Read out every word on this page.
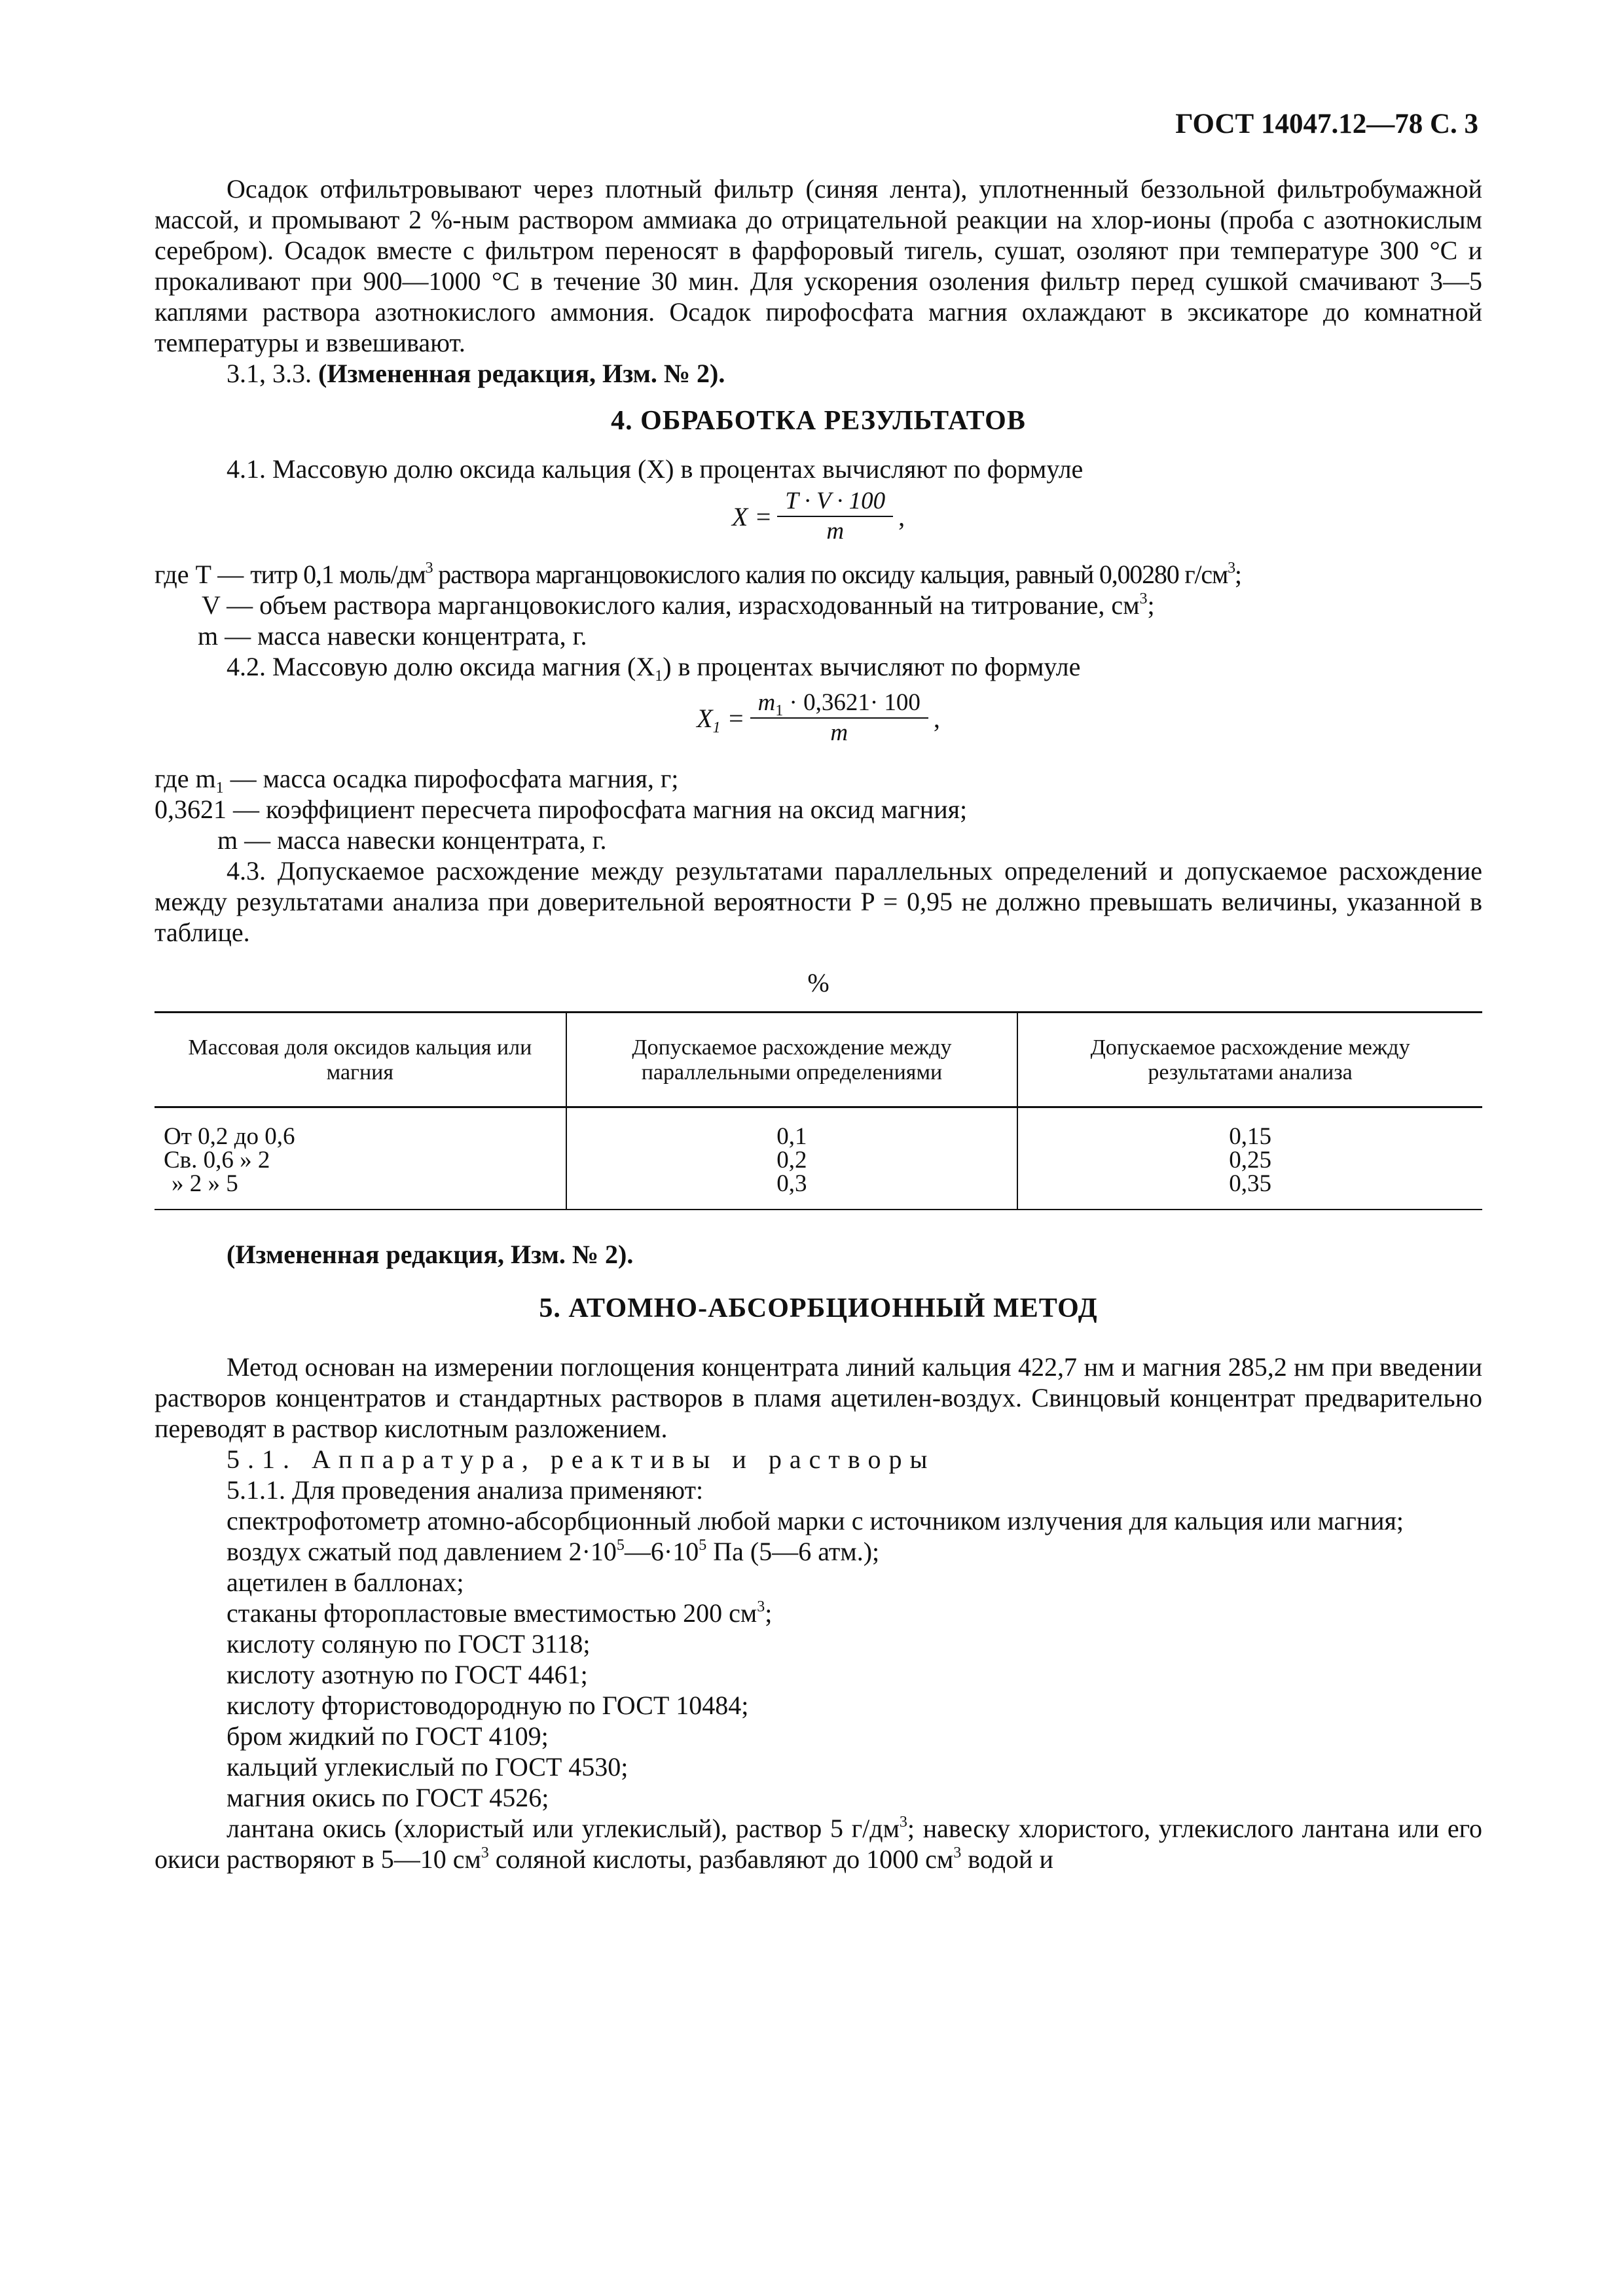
ГОСТ 14047.12—78 С. 3

Осадок отфильтровывают через плотный фильтр (синяя лента), уплотненный беззольной фильтробумажной массой, и промывают 2 %-ным раствором аммиака до отрицательной реакции на хлор-ионы (проба с азотнокислым серебром). Осадок вместе с фильтром переносят в фарфоровый тигель, сушат, озоляют при температуре 300 °С и прокаливают при 900—1000 °С в течение 30 мин. Для ускорения озоления фильтр перед сушкой смачивают 3—5 каплями раствора азотнокислого аммония. Осадок пирофосфата магния охлаждают в эксикаторе до комнатной температуры и взвешивают.

3.1, 3.3. (Измененная редакция, Изм. № 2).

4. ОБРАБОТКА РЕЗУЛЬТАТОВ

4.1. Массовую долю оксида кальция (X) в процентах вычисляют по формуле

$X = \frac{T \cdot V \cdot 100}{m}$ ,

где T — титр 0,1 моль/$дм^3$ раствора марганцовокислого калия по оксиду кальция, равный 0,00280 $г/см^3$;

V — объем раствора марганцовокислого калия, израсходованный на титрование, $см^3$;

m — масса навески концентрата, г.

4.2. Массовую долю оксида магния $(X_1)$ в процентах вычисляют по формуле

$X_1 = \frac{m_1 \cdot 0,3621\cdot 100}{m}$ ,

где $m_1$ — масса осадка пирофосфата магния, г;

0,3621 — коэффициент пересчета пирофосфата магния на оксид магния;

m — масса навески концентрата, г.

4.3. Допускаемое расхождение между результатами параллельных определений и допускаемое расхождение между результатами анализа при доверительной вероятности P = 0,95 не должно превышать величины, указанной в таблице.

%
Массовая доля оксидов кальция или магния	Допускаемое расхождение между параллельными определениями	Допускаемое расхождение между результатами анализа
От 0,2 до 0,6	0,1	0,15
Св. 0,6 » 2	0,2	0,25
» 2 » 5	0,3	0,35

(Измененная редакция, Изм. № 2).

5. АТОМНО-АБСОРБЦИОННЫЙ МЕТОД

Метод основан на измерении поглощения концентрата линий кальция 422,7 нм и магния 285,2 нм при введении растворов концентратов и стандартных растворов в пламя ацетилен-воздух. Свинцовый концентрат предварительно переводят в раствор кислотным разложением.

5.1. Аппаратура, реактивы и растворы

5.1.1. Для проведения анализа применяют:

спектрофотометр атомно-абсорбционный любой марки с источником излучения для кальция или магния;

воздух сжатый под давлением $2\cdot 10^5—6\cdot 10^5$ Па (5—6 атм.);

ацетилен в баллонах;

стаканы фторопластовые вместимостью 200 $см^3$;

кислоту соляную по ГОСТ 3118;

кислоту азотную по ГОСТ 4461;

кислоту фтористоводородную по ГОСТ 10484;

бром жидкий по ГОСТ 4109;

кальций углекислый по ГОСТ 4530;

магния окись по ГОСТ 4526;

лантана окись (хлористый или углекислый), раствор 5 $г/дм^3$; навеску хлористого, углекислого лантана или его окиси растворяют в 5—10 $см^3$ соляной кислоты, разбавляют до 1000 $см^3$ водой и
